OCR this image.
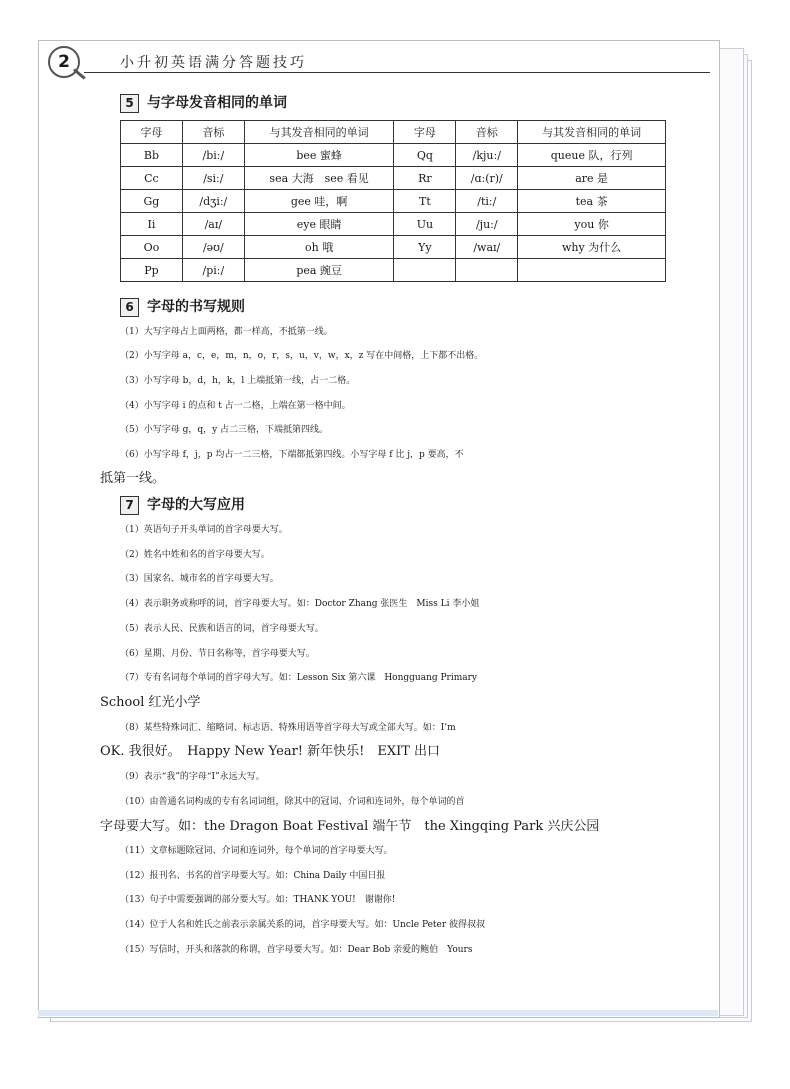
2	小升初英语满分答题技巧
5 与字母发音相同的单词
字母	音标	与其发音相同的单词	字母	音标	与其发音相同的单词
Bb	/biː/	bee 蜜蜂	Qq	/kjuː/	queue 队，行列
Cc	/siː/	sea 大海　see 看见	Rr	/ɑː(r)/	are 是
Gg	/dʒiː/	gee 哇，啊	Tt	/tiː/	tea 茶
Ii	/aɪ/	eye 眼睛	Uu	/juː/	you 你
Oo	/əʊ/	oh 哦	Yy	/waɪ/	why 为什么
Pp	/piː/	pea 豌豆			
6 字母的书写规则
（1）大写字母占上面两格，都一样高，不抵第一线。
（2）小写字母 a，c，e，m，n，o，r，s，u，v，w，x，z 写在中间格，上下都不出格。
（3）小写字母 b，d，h，k，l 上端抵第一线，占一二格。
（4）小写字母 i 的点和 t 占一二格，上端在第一格中间。
（5）小写字母 g，q，y 占二三格，下端抵第四线。
（6）小写字母 f，j，p 均占一二三格，下端都抵第四线。小写字母 f 比 j，p 要高，不
抵第一线。
7 字母的大写应用
（1）英语句子开头单词的首字母要大写。
（2）姓名中姓和名的首字母要大写。
（3）国家名、城市名的首字母要大写。
（4）表示职务或称呼的词，首字母要大写。如：Doctor Zhang 张医生　Miss Li 李小姐
（5）表示人民、民族和语言的词，首字母要大写。
（6）星期、月份、节日名称等，首字母要大写。
（7）专有名词每个单词的首字母大写。如：Lesson Six 第六课　Hongguang Primary
School 红光小学
（8）某些特殊词汇、缩略词、标志语、特殊用语等首字母大写或全部大写。如：I’m
OK. 我很好。　Happy New Year! 新年快乐!　EXIT 出口
（9）表示“我”的字母“I”永远大写。
（10）由普通名词构成的专有名词词组，除其中的冠词、介词和连词外，每个单词的首
字母要大写。如：the Dragon Boat Festival 端午节　the Xingqing Park 兴庆公园
（11）文章标题除冠词、介词和连词外，每个单词的首字母要大写。
（12）报刊名、书名的首字母要大写。如：China Daily 中国日报
（13）句子中需要强调的部分要大写。如：THANK YOU!　谢谢你!
（14）位于人名和姓氏之前表示亲属关系的词，首字母要大写。如：Uncle Peter 彼得叔叔
（15）写信时，开头和落款的称谓，首字母要大写。如：Dear Bob 亲爱的鲍伯　Yours
